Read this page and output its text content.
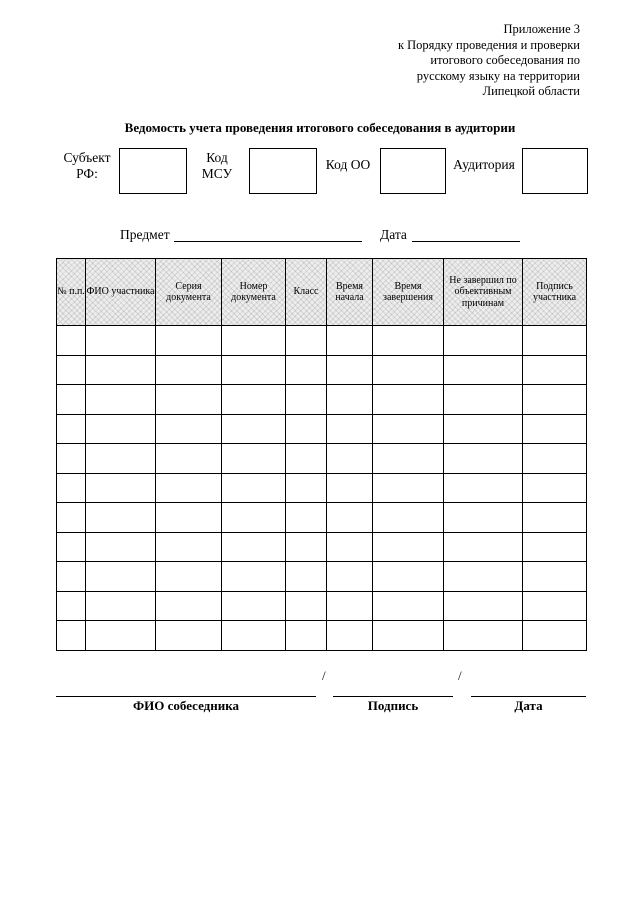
Приложение 3
к Порядку проведения и проверки
итогового собеседования по
русскому языку на территории
Липецкой области
Ведомость учета проведения итогового собеседования в аудитории
Субъект
РФ:
Код
МСУ
Код ОО	Аудитория
Предмет	Дата
№ п.п.	ФИО участника	Серия документа	Номер документа	Класс	Время начала	Время завершения	Не завершил по объективным причинам	Подпись участника

/	/
ФИО собеседника	Подпись	Дата
